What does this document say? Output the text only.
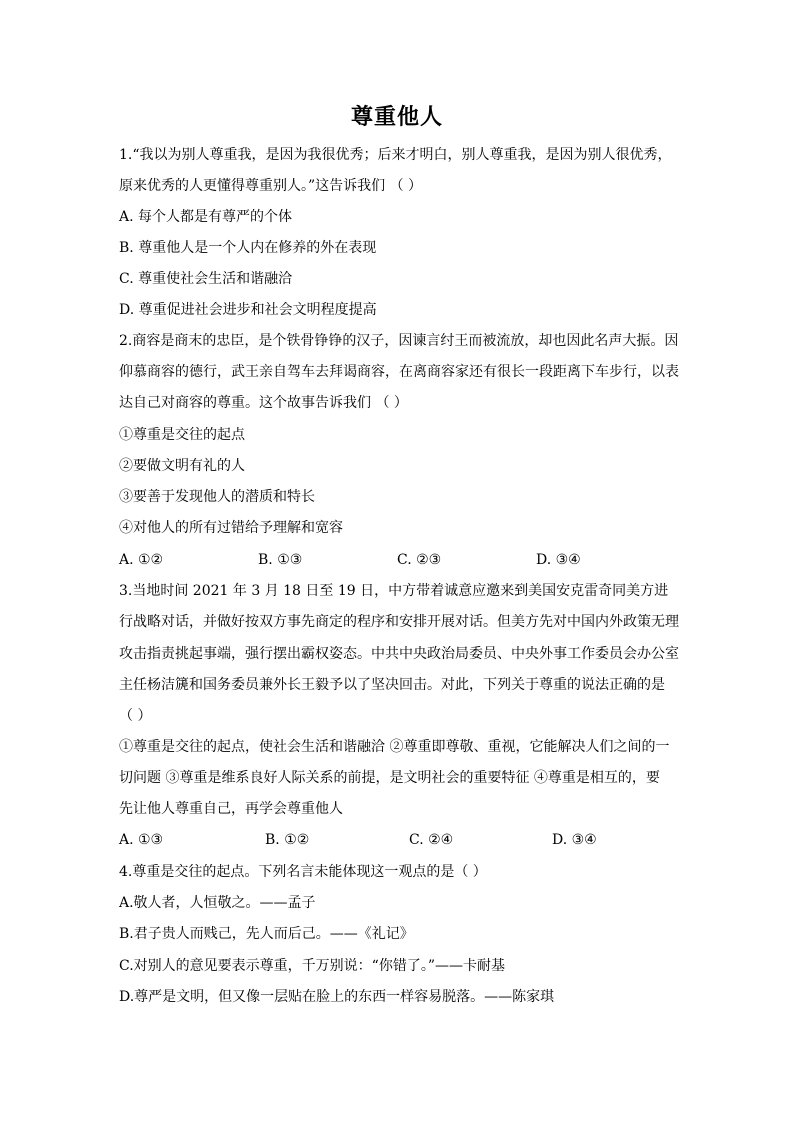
尊重他人
1.“我以为别人尊重我，是因为我很优秀；后来才明白，别人尊重我，是因为别人很优秀，
原来优秀的人更懂得尊重别人。”这告诉我们 （ ）
A. 每个人都是有尊严的个体
B. 尊重他人是一个人内在修养的外在表现
C. 尊重使社会生活和谐融洽
D. 尊重促进社会进步和社会文明程度提高
2.商容是商末的忠臣，是个铁骨铮铮的汉子，因谏言纣王而被流放，却也因此名声大振。因
仰慕商容的德行，武王亲自驾车去拜谒商容，在离商容家还有很长一段距离下车步行，以表
达自己对商容的尊重。这个故事告诉我们 （ ）
①尊重是交往的起点
②要做文明有礼的人
③要善于发现他人的潜质和特长
④对他人的所有过错给予理解和宽容
A. ①②	B. ①③	C. ②③	D. ③④
3.当地时间 2021 年 3 月 18 日至 19 日，中方带着诚意应邀来到美国安克雷奇同美方进
行战略对话，并做好按双方事先商定的程序和安排开展对话。但美方先对中国内外政策无理
攻击指责挑起事端，强行摆出霸权姿态。中共中央政治局委员、中央外事工作委员会办公室
主任杨洁篪和国务委员兼外长王毅予以了坚决回击。对此，下列关于尊重的说法正确的是
（ ）
①尊重是交往的起点，使社会生活和谐融洽 ②尊重即尊敬、重视，它能解决人们之间的一
切问题 ③尊重是维系良好人际关系的前提，是文明社会的重要特征 ④尊重是相互的，要
先让他人尊重自己，再学会尊重他人
A. ①③	B. ①②	C. ②④	D. ③④
4.尊重是交往的起点。下列名言未能体现这一观点的是（ ）
A.敬人者，人恒敬之。——孟子
B.君子贵人而贱己，先人而后己。——《礼记》
C.对别人的意见要表示尊重，千万别说：“你错了。”——卡耐基
D.尊严是文明，但又像一层贴在脸上的东西一样容易脱落。——陈家琪
